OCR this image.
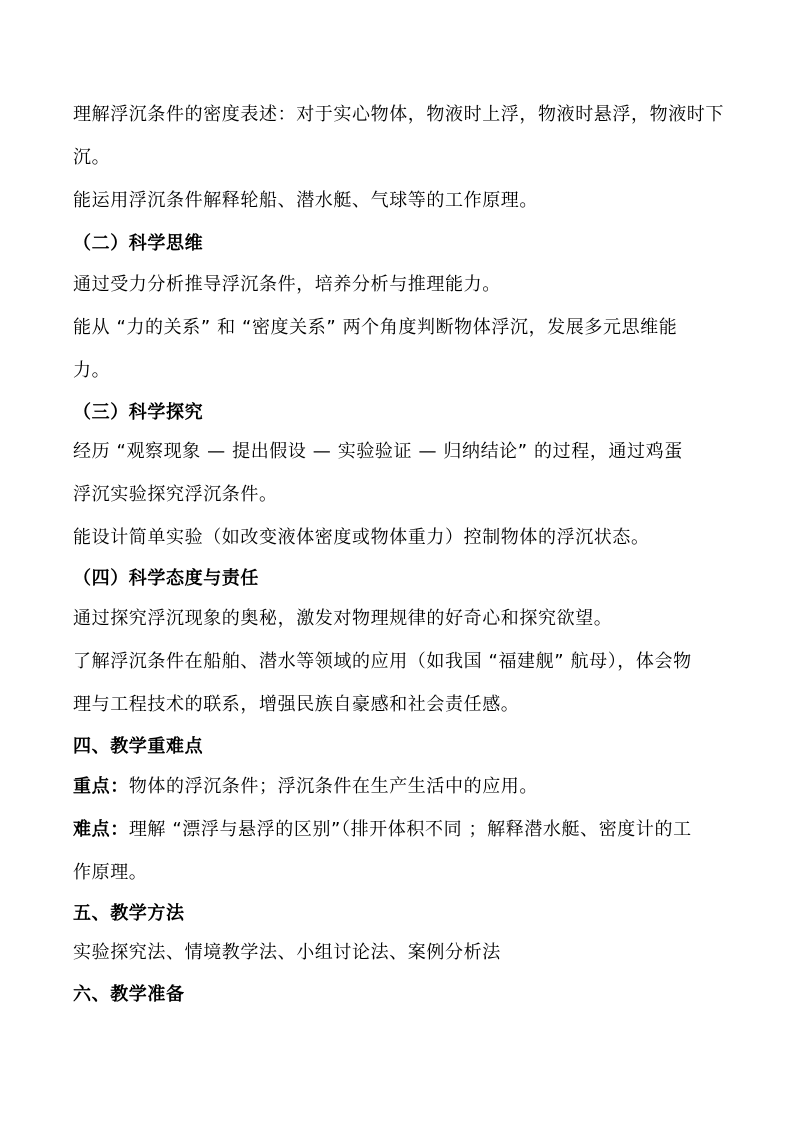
理解浮沉条件的密度表述：对于实心物体，物液时上浮，物液时悬浮，物液时下
沉。
能运用浮沉条件解释轮船、潜水艇、气球等的工作原理。
（二）科学思维
通过受力分析推导浮沉条件，培养分析与推理能力。
能从 “力的关系” 和 “密度关系” 两个角度判断物体浮沉，发展多元思维能
力。
（三）科学探究
经历 “观察现象 — 提出假设 — 实验验证 — 归纳结论” 的过程，通过鸡蛋
浮沉实验探究浮沉条件。
能设计简单实验（如改变液体密度或物体重力）控制物体的浮沉状态。
（四）科学态度与责任
通过探究浮沉现象的奥秘，激发对物理规律的好奇心和探究欲望。
了解浮沉条件在船舶、潜水等领域的应用（如我国 “福建舰” 航母），体会物
理与工程技术的联系，增强民族自豪感和社会责任感。
四、教学重难点
重点：物体的浮沉条件；浮沉条件在生产生活中的应用。
难点：理解 “漂浮与悬浮的区别”（排开体积不同 ；解释潜水艇、密度计的工
作原理。
五、教学方法
实验探究法、情境教学法、小组讨论法、案例分析法
六、教学准备
